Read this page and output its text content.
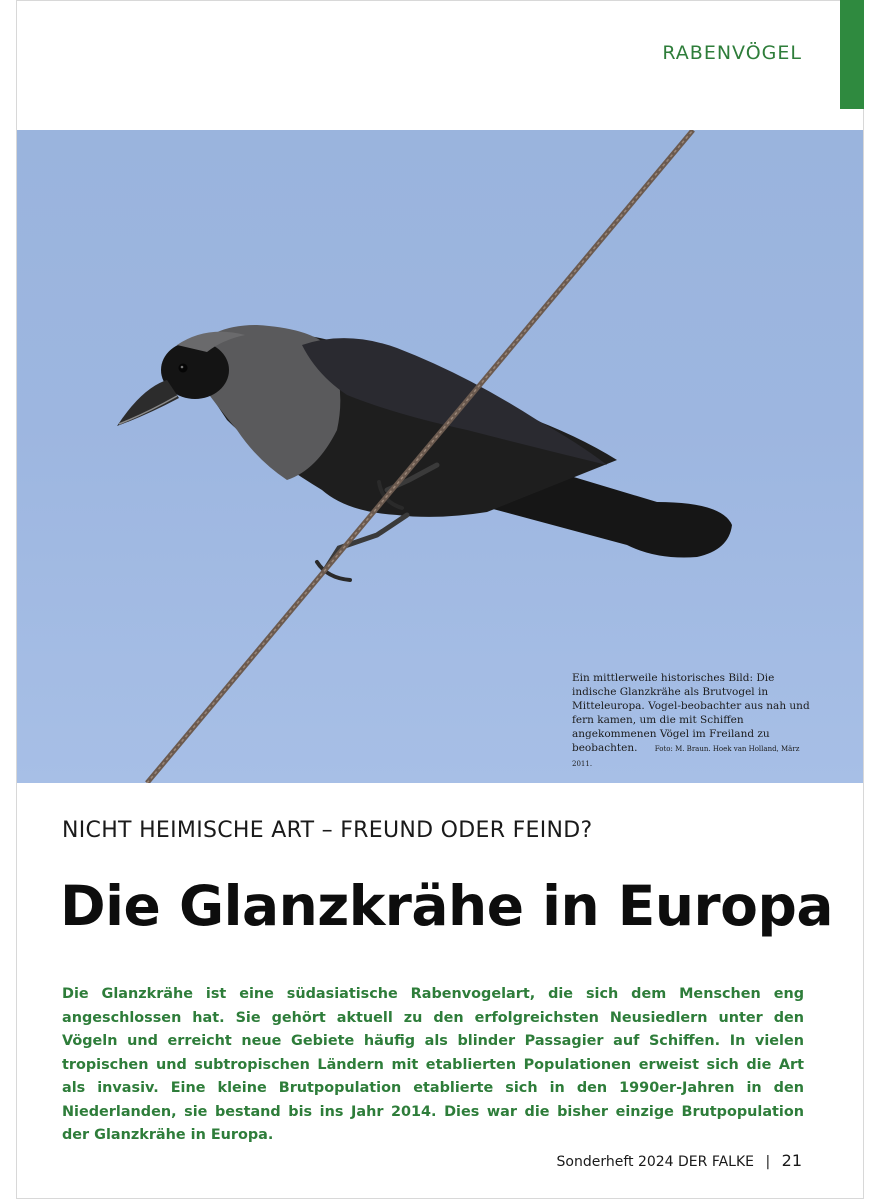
RABENVÖGEL
Ein mittlerweile historisches Bild: Die indische Glanzkrähe als Brutvogel in Mitteleuropa. Vogel-beobachter aus nah und fern kamen, um die mit Schiffen angekommenen Vögel im Freiland zu beobachten. Foto: M. Braun. Hoek van Holland, März 2011.
NICHT HEIMISCHE ART – FREUND ODER FEIND?
Die Glanzkrähe in Europa
Die Glanzkrähe ist eine südasiatische Rabenvogelart, die sich dem Menschen eng angeschlossen hat. Sie gehört aktuell zu den erfolgreichsten Neusiedlern unter den Vögeln und erreicht neue Gebiete häufig als blinder Passagier auf Schiffen. In vielen tropischen und subtropischen Ländern mit etablierten Populationen erweist sich die Art als invasiv. Eine kleine Brutpopulation etablierte sich in den 1990er-Jahren in den Niederlanden, sie bestand bis ins Jahr 2014. Dies war die bisher einzige Brutpopulation der Glanzkrähe in Europa.
Sonderheft 2024 DER FALKE | 21
